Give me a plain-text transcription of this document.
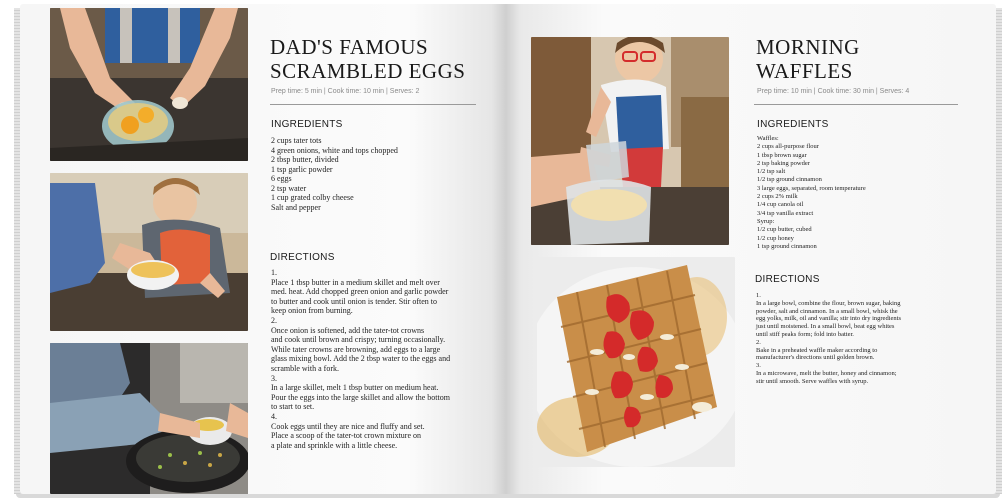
DAD'S FAMOUS
SCRAMBLED EGGS
Prep time: 5 min | Cook time: 10 min | Serves: 2
INGREDIENTS
2 cups tater tots
4 green onions, white and tops chopped
2 tbsp butter, divided
1 tsp garlic powder
6 eggs
2 tsp water
1 cup grated colby cheese
Salt and pepper
DIRECTIONS

1.

Place 1 tbsp butter in a medium skillet and melt over
med. heat. Add chopped green onion and garlic powder
to butter and cook until onion is tender. Stir often to
keep onion from burning.

2.

Once onion is softened, add the tater-tot crowns
and cook until brown and crispy; turning occasionally.
While tater crowns are browning, add eggs to a large
glass mixing bowl. Add the 2 tbsp water to the eggs and
scramble with a fork.

3.

In a large skillet, melt 1 tbsp butter on medium heat.
Pour the eggs into the large skillet and allow the bottom
to start to set.

4.

Cook eggs until they are nice and fluffy and set.
Place a scoop of the tater-tot crown mixture on
a plate and sprinkle with a little cheese.

MORNING
WAFFLES
Prep time: 10 min | Cook time: 30 min | Serves: 4
INGREDIENTS
Waffles:
2 cups all-purpose flour
1 tbsp brown sugar
2 tsp baking powder
1/2 tsp salt
1/2 tsp ground cinnamon
3 large eggs, separated, room temperature
2 cups 2% milk
1/4 cup canola oil
3/4 tsp vanilla extract
Syrup:
1/2 cup butter, cubed
1/2 cup honey
1 tsp ground cinnamon
DIRECTIONS

1.

In a large bowl, combine the flour, brown sugar, baking
powder, salt and cinnamon. In a small bowl, whisk the
egg yolks, milk, oil and vanilla; stir into dry ingredients
just until moistened. In a small bowl, beat egg whites
until stiff peaks form; fold into batter.

2.

Bake in a preheated waffle maker according to
manufacturer's directions until golden brown.

3.

In a microwave, melt the butter, honey and cinnamon;
stir until smooth. Serve waffles with syrup.
